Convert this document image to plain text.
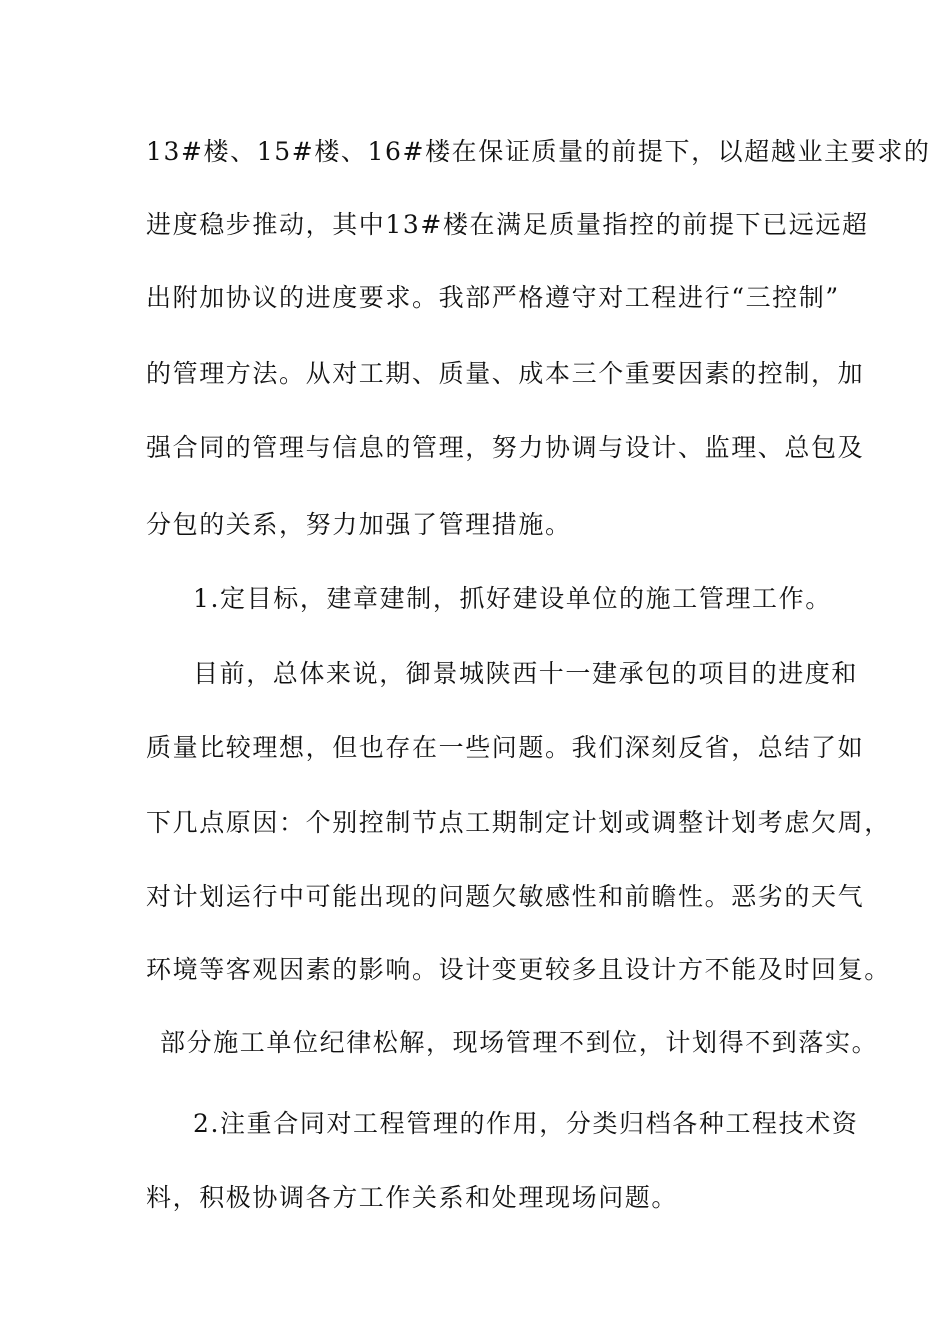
13#楼、15#楼、16#楼在保证质量的前提下，以超越业主要求的
进度稳步推动，其中13#楼在满足质量指控的前提下已远远超
出附加协议的进度要求。我部严格遵守对工程进行“三控制”
的管理方法。从对工期、质量、成本三个重要因素的控制，加
强合同的管理与信息的管理，努力协调与设计、监理、总包及
分包的关系，努力加强了管理措施。
1.定目标，建章建制，抓好建设单位的施工管理工作。
目前，总体来说，御景城陕西十一建承包的项目的进度和
质量比较理想，但也存在一些问题。我们深刻反省，总结了如
下几点原因：个别控制节点工期制定计划或调整计划考虑欠周，
对计划运行中可能出现的问题欠敏感性和前瞻性。恶劣的天气
环境等客观因素的影响。设计变更较多且设计方不能及时回复。
部分施工单位纪律松解，现场管理不到位，计划得不到落实。
2.注重合同对工程管理的作用，分类归档各种工程技术资
料，积极协调各方工作关系和处理现场问题。
